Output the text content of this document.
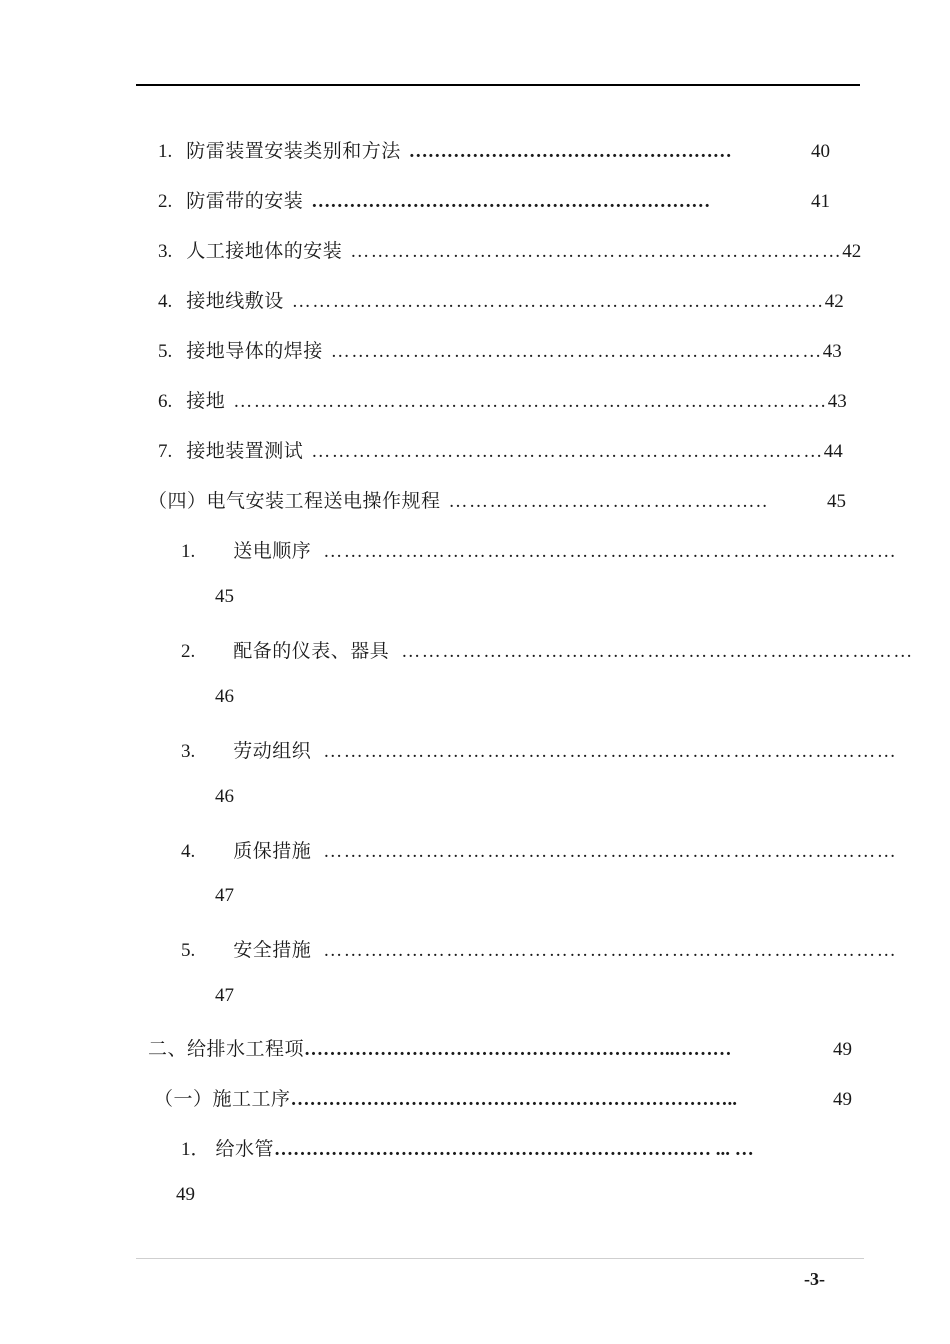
1. 防雷装置安装类别和方法 ……………………………………………	40
2. 防雷带的安装 ………………………………………………………	41
3. 人工接地体的安装 ……………………………………………………………… 42
4. 接地线敷设 …………………………………………………………………… 42
5. 接地导体的焊接 ……………………………………………………………… 43
6. 接地 …………………………………………………………………………… 43
7. 接地装置测试 ………………………………………………………………… 44
（四）电气安装工程送电操作规程 ………………………………………..	45
1. 送电顺序 …………………………………………………………………………
45
2. 配备的仪表、器具 …………………………………………………………………
46
3. 劳动组织 …………………………………………………………………………
46
4. 质保措施 …………………………………………………………………………
47
5. 安全措施 …………………………………………………………………………
47
二、给排水工程项 …………………………………………………..………	49
（一）施工工序 ……………………………………………………………..	49
1． 给水管 …………………………………………………………… ... …
49
-3-
